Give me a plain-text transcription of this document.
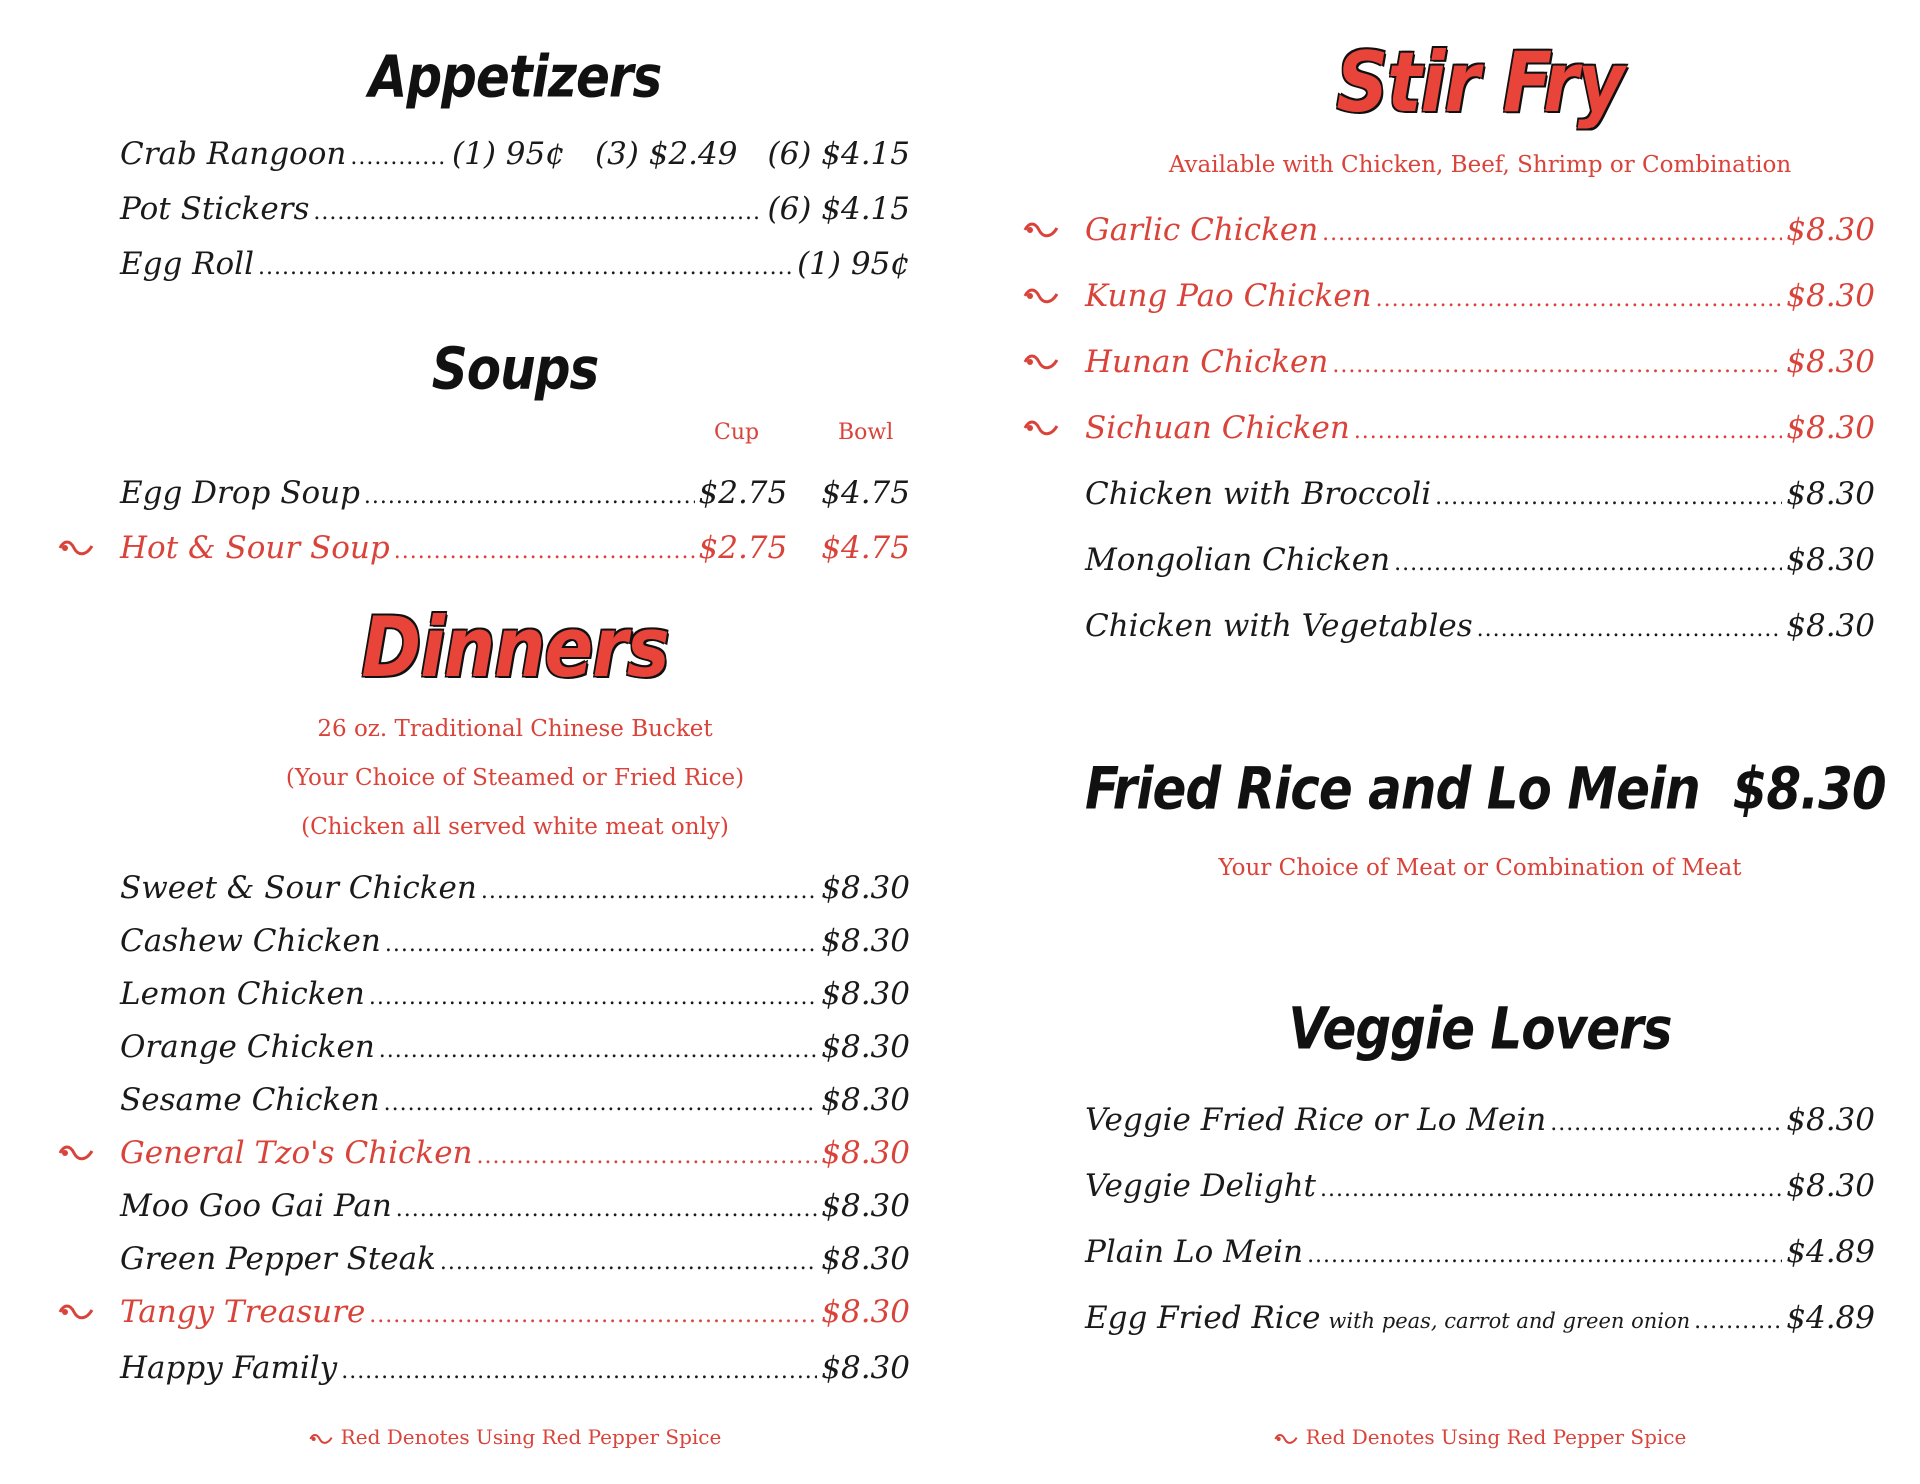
Appetizers
Crab Rangoon .....	(1) 95¢ (3) $2.49 (6) $4.15
Pot Stickers .....	(6) $4.15
Egg Roll .....	(1) 95¢
Soups
Cup	Bowl
Egg Drop Soup .....	$2.75 $4.75
Hot & Sour Soup .....	$2.75 $4.75
Dinners
26 oz. Traditional Chinese Bucket
(Your Choice of Steamed or Fried Rice)
(Chicken all served white meat only)
Sweet & Sour Chicken .....	$8.30
Cashew Chicken .....	$8.30
Lemon Chicken .....	$8.30
Orange Chicken .....	$8.30
Sesame Chicken .....	$8.30
General Tzo's Chicken .....	$8.30
Moo Goo Gai Pan .....	$8.30
Green Pepper Steak .....	$8.30
Tangy Treasure .....	$8.30
Happy Family .....	$8.30
Red Denotes Using Red Pepper Spice
Stir Fry
Available with Chicken, Beef, Shrimp or Combination
Garlic Chicken .....	$8.30
Kung Pao Chicken .....	$8.30
Hunan Chicken .....	$8.30
Sichuan Chicken .....	$8.30
Chicken with Broccoli .....	$8.30
Mongolian Chicken .....	$8.30
Chicken with Vegetables .....	$8.30
Fried Rice and Lo Mein  $8.30
Your Choice of Meat or Combination of Meat
Veggie Lovers
Veggie Fried Rice or Lo Mein .....	$8.30
Veggie Delight .....	$8.30
Plain Lo Mein .....	$4.89
Egg Fried Rice with peas, carrot and green onion .....	$4.89
Red Denotes Using Red Pepper Spice
